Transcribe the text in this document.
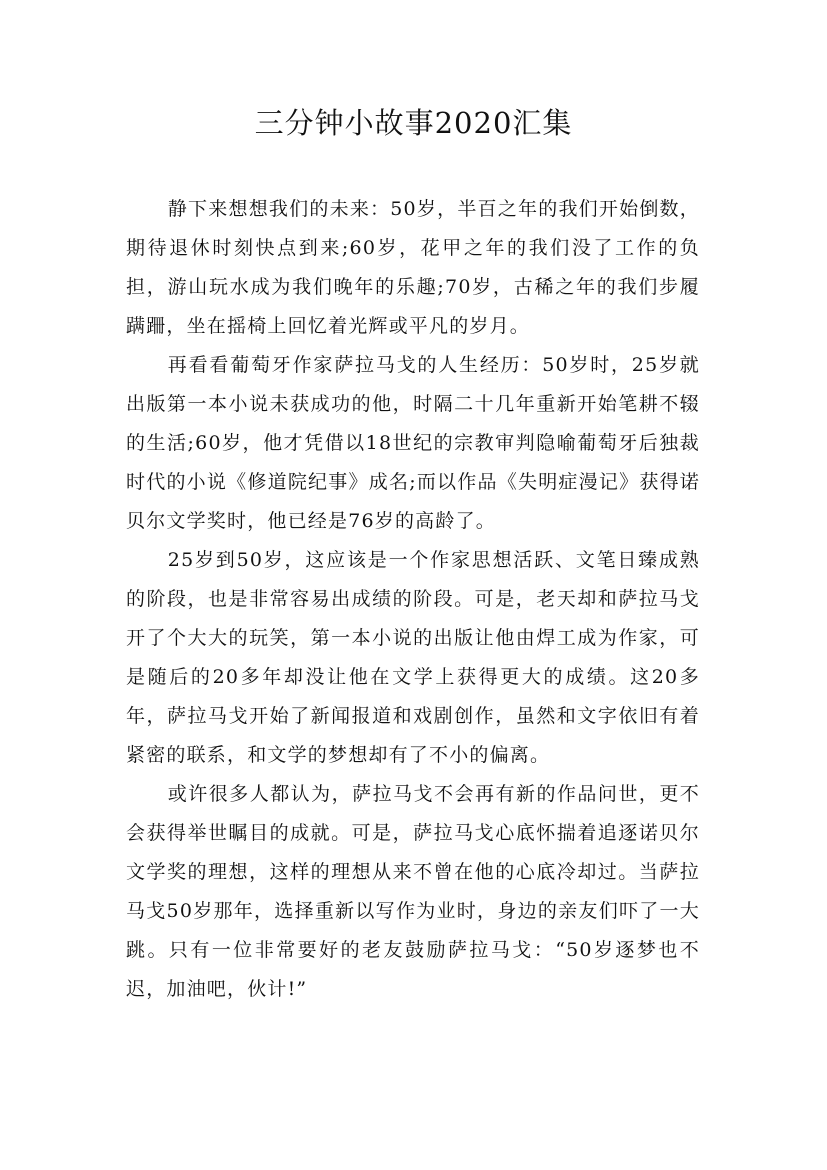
三分钟小故事2020汇集

静下来想想我们的未来：50岁，半百之年的我们开始倒数，期待退休时刻快点到来;60岁，花甲之年的我们没了工作的负担，游山玩水成为我们晚年的乐趣;70岁，古稀之年的我们步履蹒跚，坐在摇椅上回忆着光辉或平凡的岁月。

再看看葡萄牙作家萨拉马戈的人生经历：50岁时，25岁就出版第一本小说未获成功的他，时隔二十几年重新开始笔耕不辍的生活;60岁，他才凭借以18世纪的宗教审判隐喻葡萄牙后独裁时代的小说《修道院纪事》成名;而以作品《失明症漫记》获得诺贝尔文学奖时，他已经是76岁的高龄了。

25岁到50岁，这应该是一个作家思想活跃、文笔日臻成熟的阶段，也是非常容易出成绩的阶段。可是，老天却和萨拉马戈开了个大大的玩笑，第一本小说的出版让他由焊工成为作家，可是随后的20多年却没让他在文学上获得更大的成绩。这20多年，萨拉马戈开始了新闻报道和戏剧创作，虽然和文字依旧有着紧密的联系，和文学的梦想却有了不小的偏离。

或许很多人都认为，萨拉马戈不会再有新的作品问世，更不会获得举世瞩目的成就。可是，萨拉马戈心底怀揣着追逐诺贝尔文学奖的理想，这样的理想从来不曾在他的心底冷却过。当萨拉马戈50岁那年，选择重新以写作为业时，身边的亲友们吓了一大跳。只有一位非常要好的老友鼓励萨拉马戈：“50岁逐梦也不迟，加油吧，伙计!”
